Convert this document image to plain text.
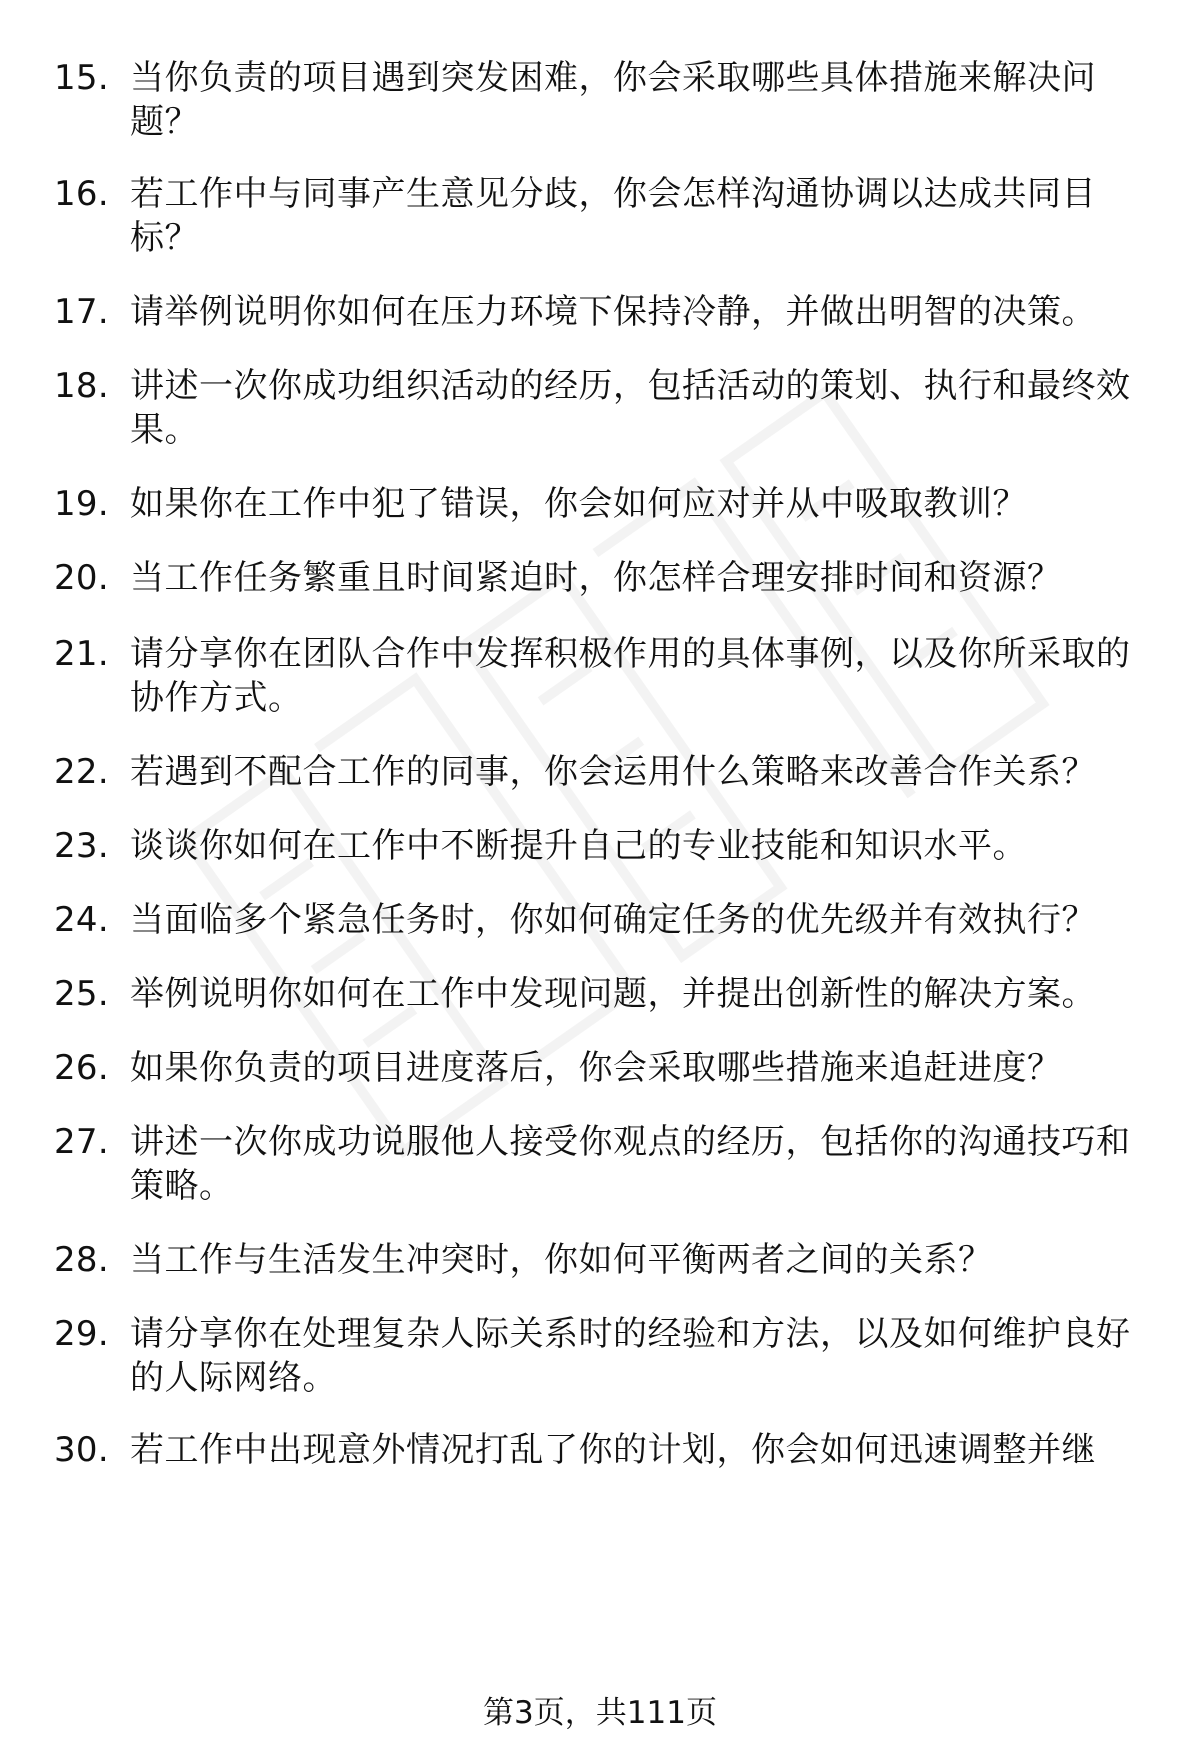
15. 当你负责的项目遇到突发困难，你会采取哪些具体措施来解决问题？
16. 若工作中与同事产生意见分歧，你会怎样沟通协调以达成共同目标？
17. 请举例说明你如何在压力环境下保持冷静，并做出明智的决策。
18. 讲述一次你成功组织活动的经历，包括活动的策划、执行和最终效果。
19. 如果你在工作中犯了错误，你会如何应对并从中吸取教训？
20. 当工作任务繁重且时间紧迫时，你怎样合理安排时间和资源？
21. 请分享你在团队合作中发挥积极作用的具体事例，以及你所采取的协作方式。
22. 若遇到不配合工作的同事，你会运用什么策略来改善合作关系？
23. 谈谈你如何在工作中不断提升自己的专业技能和知识水平。
24. 当面临多个紧急任务时，你如何确定任务的优先级并有效执行？
25. 举例说明你如何在工作中发现问题，并提出创新性的解决方案。
26. 如果你负责的项目进度落后，你会采取哪些措施来追赶进度？
27. 讲述一次你成功说服他人接受你观点的经历，包括你的沟通技巧和策略。
28. 当工作与生活发生冲突时，你如何平衡两者之间的关系？
29. 请分享你在处理复杂人际关系时的经验和方法，以及如何维护良好的人际网络。
30. 若工作中出现意外情况打乱了你的计划，你会如何迅速调整并继
第3页，共111页
